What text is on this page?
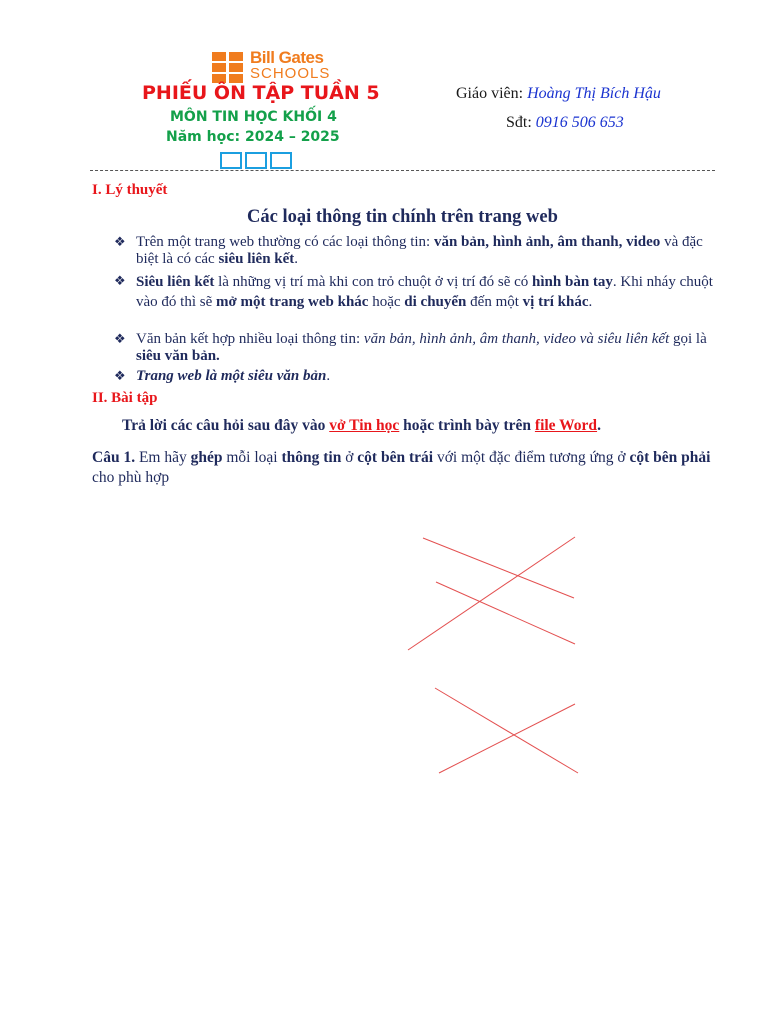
Bill Gates
SCHOOLS
PHIẾU ÔN TẬP TUẦN 5
MÔN TIN HỌC KHỐI 4
Năm học: 2024 – 2025
Giáo viên: Hoàng Thị Bích Hậu
Sđt: 0916 506 653
I. Lý thuyết
Các loại thông tin chính trên trang web
❖ Trên một trang web thường có các loại thông tin: văn bản, hình ảnh, âm thanh, video và đặc biệt là có các siêu liên kết.
❖ Siêu liên kết là những vị trí mà khi con trỏ chuột ở vị trí đó sẽ có hình bàn tay. Khi nháy chuột vào đó thì sẽ mở một trang web khác hoặc di chuyển đến một vị trí khác.
❖ Văn bản kết hợp nhiều loại thông tin: văn bản, hình ảnh, âm thanh, video và siêu liên kết gọi là siêu văn bản.
❖ Trang web là một siêu văn bản.
II. Bài tập
Trả lời các câu hỏi sau đây vào vở Tin học hoặc trình bày trên file Word.
Câu 1. Em hãy ghép mỗi loại thông tin ở cột bên trái với một đặc điểm tương ứng ở cột bên phải cho phù hợp
